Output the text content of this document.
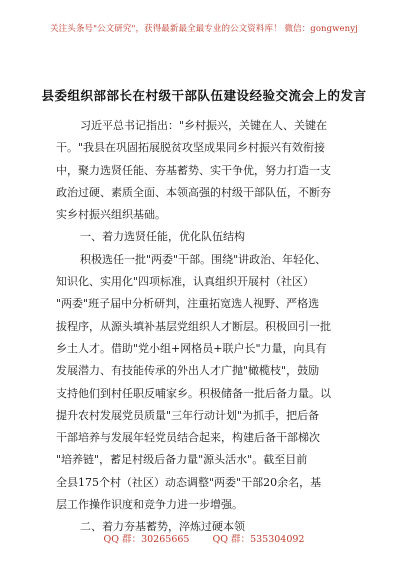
关注头条号"公文研究"，获得最新最全最专业的公文资料库！ 微信：gongwenyj
县委组织部部长在村级干部队伍建设经验交流会上的发言
习近平总书记指出："乡村振兴，关键在人、关键在
干。"我县在巩固拓展脱贫攻坚成果同乡村振兴有效衔接
中，聚力选贤任能、夯基蓄势、实干争优，努力打造一支
政治过硬、素质全面、本领高强的村级干部队伍，不断夯
实乡村振兴组织基础。
一、着力选贤任能，优化队伍结构
积极选任一批"两委"干部。围绕"讲政治、年轻化、
知识化、实用化"四项标准，认真组织开展村（社区）
"两委"班子届中分析研判，注重拓宽选人视野、严格选
拔程序，从源头填补基层党组织人才断层。积极回引一批
乡土人才。借助"党小组+网格员+联户长"力量，向具有
发展潜力、有技能传承的外出人才广抛"橄榄枝"，鼓励
支持他们到村任职反哺家乡。积极储备一批后备力量。以
提升农村发展党员质量"三年行动计划"为抓手，把后备
干部培养与发展年轻党员结合起来，构建后备干部梯次
"培养链"，蓄足村级后备力量"源头活水"。截至目前
全县175个村（社区）动态调整"两委"干部20余名，基
层工作操作识度和竞争力进一步增强。
二、着力夯基蓄势，淬炼过硬本领
QQ 群：30265665 QQ 群：535304092
